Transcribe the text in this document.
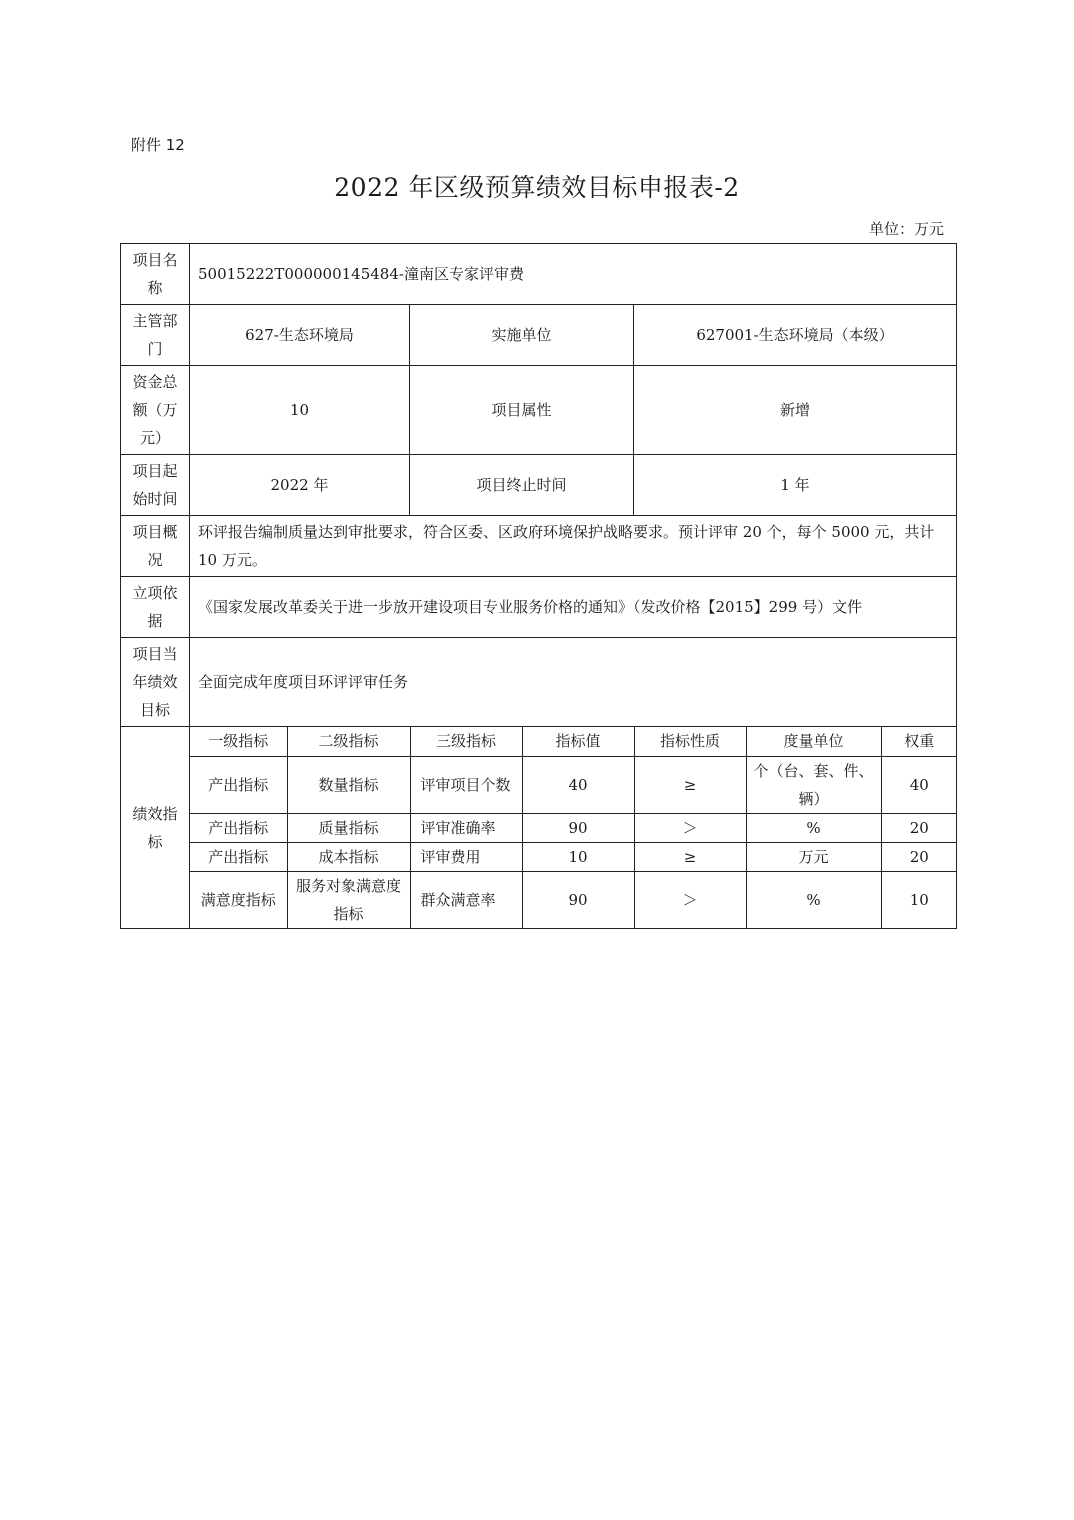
附件 12
2022 年区级预算绩效目标申报表-2
单位：万元
项目名称	50015222T000000145484-潼南区专家评审费
主管部门	627-生态环境局	实施单位	627001-生态环境局（本级）
资金总额（万元）	10	项目属性	新增
项目起始时间	2022 年	项目终止时间	1 年
项目概况	环评报告编制质量达到审批要求，符合区委、区政府环境保护战略要求。预计评审 20 个，每个 5000 元，共计 10 万元。
立项依据	《国家发展改革委关于进一步放开建设项目专业服务价格的通知》（发改价格【2015】299 号）文件
项目当年绩效目标	全面完成年度项目环评评审任务
绩效指标	
一级指标	二级指标	三级指标	指标值	指标性质	度量单位	权重
产出指标	数量指标	评审项目个数	40	≥	个（台、套、件、辆）	40
产出指标	质量指标	评审准确率	90	＞	%	20
产出指标	成本指标	评审费用	10	≥	万元	20
满意度指标	服务对象满意度指标	群众满意率	90	＞	%	10
